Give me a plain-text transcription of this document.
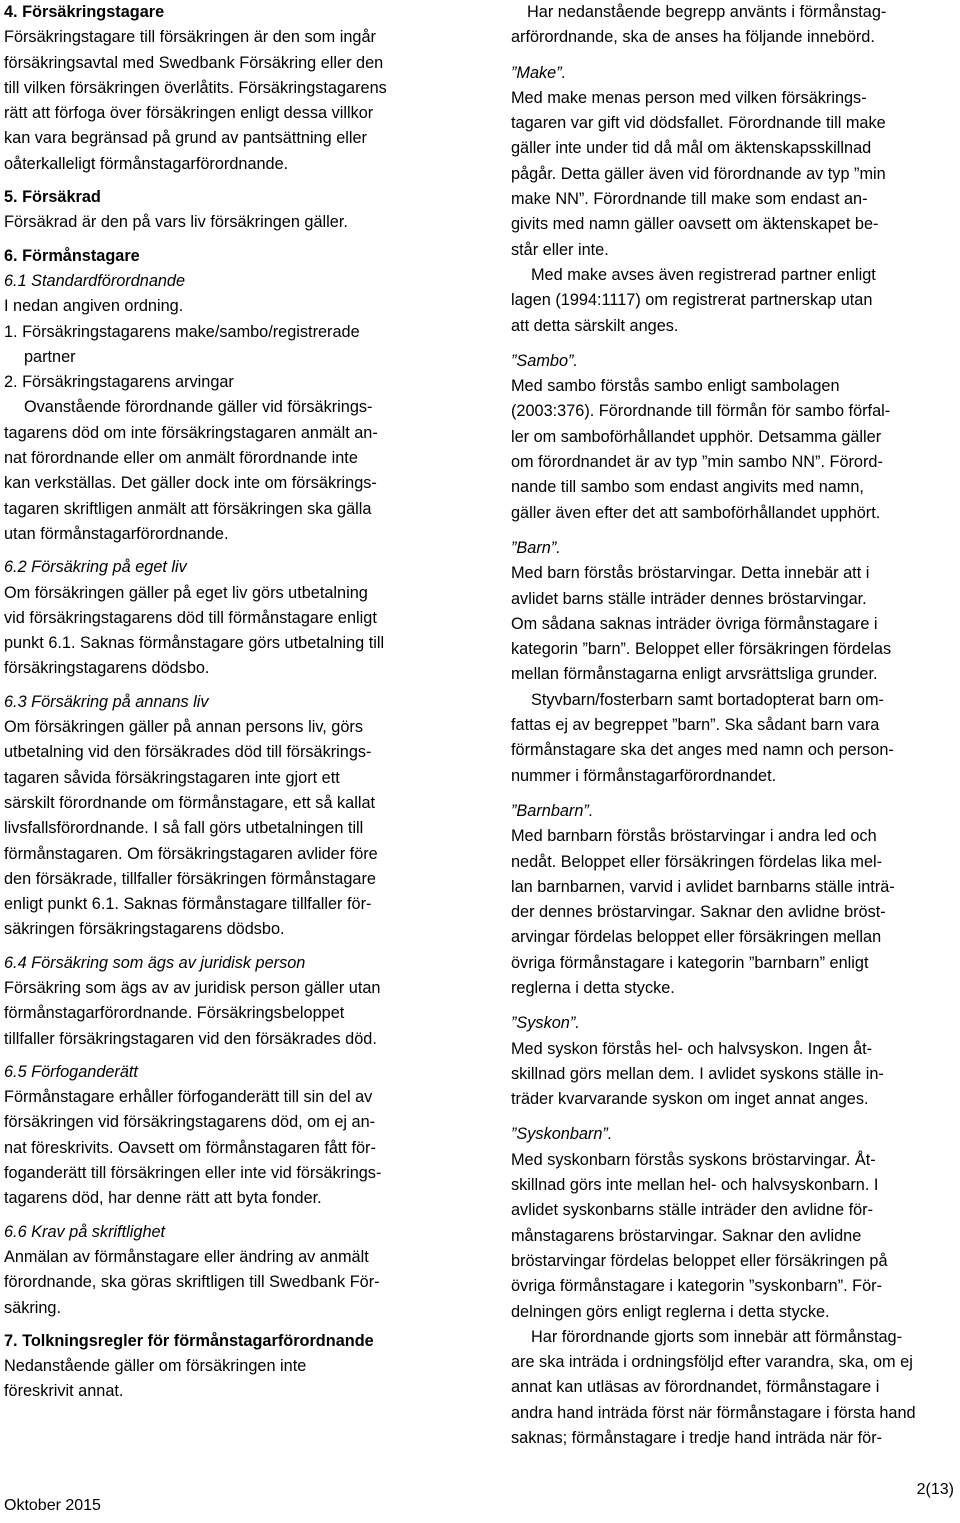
4. Försäkringstagare
Försäkringstagare till försäkringen är den som ingår
försäkringsavtal med Swedbank Försäkring eller den
till vilken försäkringen överlåtits. Försäkringstagarens
rätt att förfoga över försäkringen enligt dessa villkor
kan vara begränsad på grund av pantsättning eller
oåterkalleligt förmånstagarförordnande.
5. Försäkrad
Försäkrad är den på vars liv försäkringen gäller.
6. Förmånstagare
6.1 Standardförordnande
I nedan angiven ordning.
1. Försäkringstagarens make/sambo/registrerade
partner
2. Försäkringstagarens arvingar
Ovanstående förordnande gäller vid försäkrings-
tagarens död om inte försäkringstagaren anmält an-
nat förordnande eller om anmält förordnande inte
kan verkställas. Det gäller dock inte om försäkrings-
tagaren skriftligen anmält att försäkringen ska gälla
utan förmånstagarförordnande.
6.2 Försäkring på eget liv
Om försäkringen gäller på eget liv görs utbetalning
vid försäkringstagarens död till förmånstagare enligt
punkt 6.1. Saknas förmånstagare görs utbetalning till
försäkringstagarens dödsbo.
6.3 Försäkring på annans liv
Om försäkringen gäller på annan persons liv, görs
utbetalning vid den försäkrades död till försäkrings-
tagaren såvida försäkringstagaren inte gjort ett
särskilt förordnande om förmånstagare, ett så kallat
livsfallsförordnande. I så fall görs utbetalningen till
förmånstagaren. Om försäkringstagaren avlider före
den försäkrade, tillfaller försäkringen förmånstagare
enligt punkt 6.1. Saknas förmånstagare tillfaller för-
säkringen försäkringstagarens dödsbo.
6.4 Försäkring som ägs av juridisk person
Försäkring som ägs av av juridisk person gäller utan
förmånstagarförordnande. Försäkringsbeloppet
tillfaller försäkringstagaren vid den försäkrades död.
6.5 Förfoganderätt
Förmånstagare erhåller förfoganderätt till sin del av
försäkringen vid försäkringstagarens död, om ej an-
nat föreskrivits. Oavsett om förmånstagaren fått för-
foganderätt till försäkringen eller inte vid försäkrings-
tagarens död, har denne rätt att byta fonder.
6.6 Krav på skriftlighet
Anmälan av förmånstagare eller ändring av anmält
förordnande, ska göras skriftligen till Swedbank För-
säkring.
7. Tolkningsregler för förmånstagarförordnande
Nedanstående gäller om försäkringen inte
föreskrivit annat.
Har nedanstående begrepp använts i förmånstag-
arförordnande, ska de anses ha följande innebörd.
”Make”.
Med make menas person med vilken försäkrings-
tagaren var gift vid dödsfallet. Förordnande till make
gäller inte under tid då mål om äktenskapsskillnad
pågår. Detta gäller även vid förordnande av typ ”min
make NN”. Förordnande till make som endast an-
givits med namn gäller oavsett om äktenskapet be-
står eller inte.
Med make avses även registrerad partner enligt
lagen (1994:1117) om registrerat partnerskap utan
att detta särskilt anges.
”Sambo”.
Med sambo förstås sambo enligt sambolagen
(2003:376). Förordnande till förmån för sambo förfal-
ler om samboförhållandet upphör. Detsamma gäller
om förordnandet är av typ ”min sambo NN”. Förord-
nande till sambo som endast angivits med namn,
gäller även efter det att samboförhållandet upphört.
”Barn”.
Med barn förstås bröstarvingar. Detta innebär att i
avlidet barns ställe inträder dennes bröstarvingar.
Om sådana saknas inträder övriga förmånstagare i
kategorin ”barn”. Beloppet eller försäkringen fördelas
mellan förmånstagarna enligt arvsrättsliga grunder.
Styvbarn/fosterbarn samt bortadopterat barn om-
fattas ej av begreppet ”barn”. Ska sådant barn vara
förmånstagare ska det anges med namn och person-
nummer i förmånstagarförordnandet.
”Barnbarn”.
Med barnbarn förstås bröstarvingar i andra led och
nedåt. Beloppet eller försäkringen fördelas lika mel-
lan barnbarnen, varvid i avlidet barnbarns ställe inträ-
der dennes bröstarvingar. Saknar den avlidne bröst-
arvingar fördelas beloppet eller försäkringen mellan
övriga förmånstagare i kategorin ”barnbarn” enligt
reglerna i detta stycke.
”Syskon”.
Med syskon förstås hel- och halvsyskon. Ingen åt-
skillnad görs mellan dem. I avlidet syskons ställe in-
träder kvarvarande syskon om inget annat anges.
”Syskonbarn”.
Med syskonbarn förstås syskons bröstarvingar. Åt-
skillnad görs inte mellan hel- och halvsyskonbarn. I
avlidet syskonbarns ställe inträder den avlidne för-
månstagarens bröstarvingar. Saknar den avlidne
bröstarvingar fördelas beloppet eller försäkringen på
övriga förmånstagare i kategorin ”syskonbarn”. För-
delningen görs enligt reglerna i detta stycke.
Har förordnande gjorts som innebär att förmånstag-
are ska inträda i ordningsföljd efter varandra, ska, om ej
annat kan utläsas av förordnandet, förmånstagare i
andra hand inträda först när förmånstagare i första hand
saknas; förmånstagare i tredje hand inträda när för-
Oktober 2015
2(13)
